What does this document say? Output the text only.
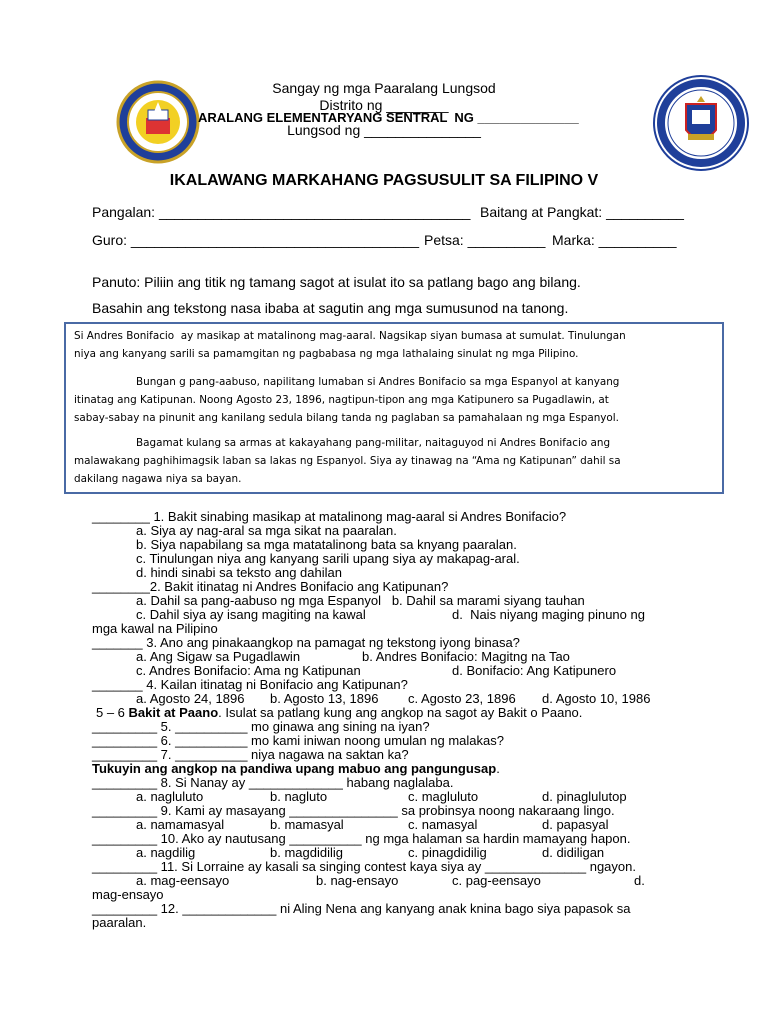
Sangay ng mga Paaralang Lungsod
Distrito ng ________
ARALANG ELEMENTARYANG SENTRAL  NG ______________
Lungsod ng _______________
IKALAWANG MARKAHANG PAGSUSULIT SA FILIPINO V
Pangalan: ________________________________________ Baitang at Pangkat: __________
Guro: _____________________________________ Petsa: __________ Marka: __________
Panuto: Piliin ang titik ng tamang sagot at isulat ito sa patlang bago ang bilang.
Basahin ang tekstong nasa ibaba at sagutin ang mga sumusunod na tanong.
Si Andres Bonifacio  ay masikap at matalinong mag-aaral. Nagsikap siyan bumasa at sumulat. Tinulungan
niya ang kanyang sarili sa pamamgitan ng pagbabasa ng mga lathalaing sinulat ng mga Pilipino.
Bungan g pang-aabuso, napilitang lumaban si Andres Bonifacio sa mga Espanyol at kanyang
itinatag ang Katipunan. Noong Agosto 23, 1896, nagtipun-tipon ang mga Katipunero sa Pugadlawin, at
sabay-sabay na pinunit ang kanilang sedula bilang tanda ng paglaban sa pamahalaan ng mga Espanyol.
Bagamat kulang sa armas at kakayahang pang-militar, naitaguyod ni Andres Bonifacio ang
malawakang paghihimagsik laban sa lakas ng Espanyol. Siya ay tinawag na “Ama ng Katipunan” dahil sa
dakilang nagawa niya sa bayan.
________ 1. Bakit sinabing masikap at matalinong mag-aaral si Andres Bonifacio?
a. Siya ay nag-aral sa mga sikat na paaralan.
b. Siya napabilang sa mga matatalinong bata sa knyang paaralan.
c. Tinulungan niya ang kanyang sarili upang siya ay makapag-aral.
d. hindi sinabi sa teksto ang dahilan
________2. Bakit itinatag ni Andres Bonifacio ang Katipunan?
a. Dahil sa pang-aabuso ng mga Espanyol   b. Dahil sa marami siyang tauhan
c. Dahil siya ay isang magiting na kawal	d.  Nais niyang maging pinuno ng
mga kawal na Pilipino
_______ 3. Ano ang pinakaangkop na pamagat ng tekstong iyong binasa?
a. Ang Sigaw sa Pugadlawin	b. Andres Bonifacio: Magitng na Tao
c. Andres Bonifacio: Ama ng Katipunan	d. Bonifacio: Ang Katipunero
_______ 4. Kailan itinatag ni Bonifacio ang Katipunan?
a. Agosto 24, 1896 b. Agosto 13, 1896 c. Agosto 23, 1896 d. Agosto 10, 1986
5 – 6 Bakit at Paano. Isulat sa patlang kung ang angkop na sagot ay Bakit o Paano.
_________ 5. __________ mo ginawa ang sining na iyan?
_________ 6. __________ mo kami iniwan noong umulan ng malakas?
_________ 7. __________ niya nagawa na saktan ka?
Tukuyin ang angkop na pandiwa upang mabuo ang pangungusap.
_________ 8. Si Nanay ay _____________ habang naglalaba.
a. nagluluto	b. nagluto	c. magluluto	d. pinaglulutop
_________ 9. Kami ay masayang _______________ sa probinsya noong nakaraang lingo.
a. namamasyal	b. mamasyal	c. namasyal	d. papasyal
_________ 10. Ako ay nautusang __________ ng mga halaman sa hardin mamayang hapon.
a. nagdilig	b. magdidilig	c. pinagdidilig	d. didiligan
_________ 11. Si Lorraine ay kasali sa singing contest kaya siya ay ______________ ngayon.
a. mag-eensayo	b. nag-ensayo	c. pag-eensayo	d.
mag-ensayo
_________ 12. _____________ ni Aling Nena ang kanyang anak knina bago siya papasok sa
paaralan.
